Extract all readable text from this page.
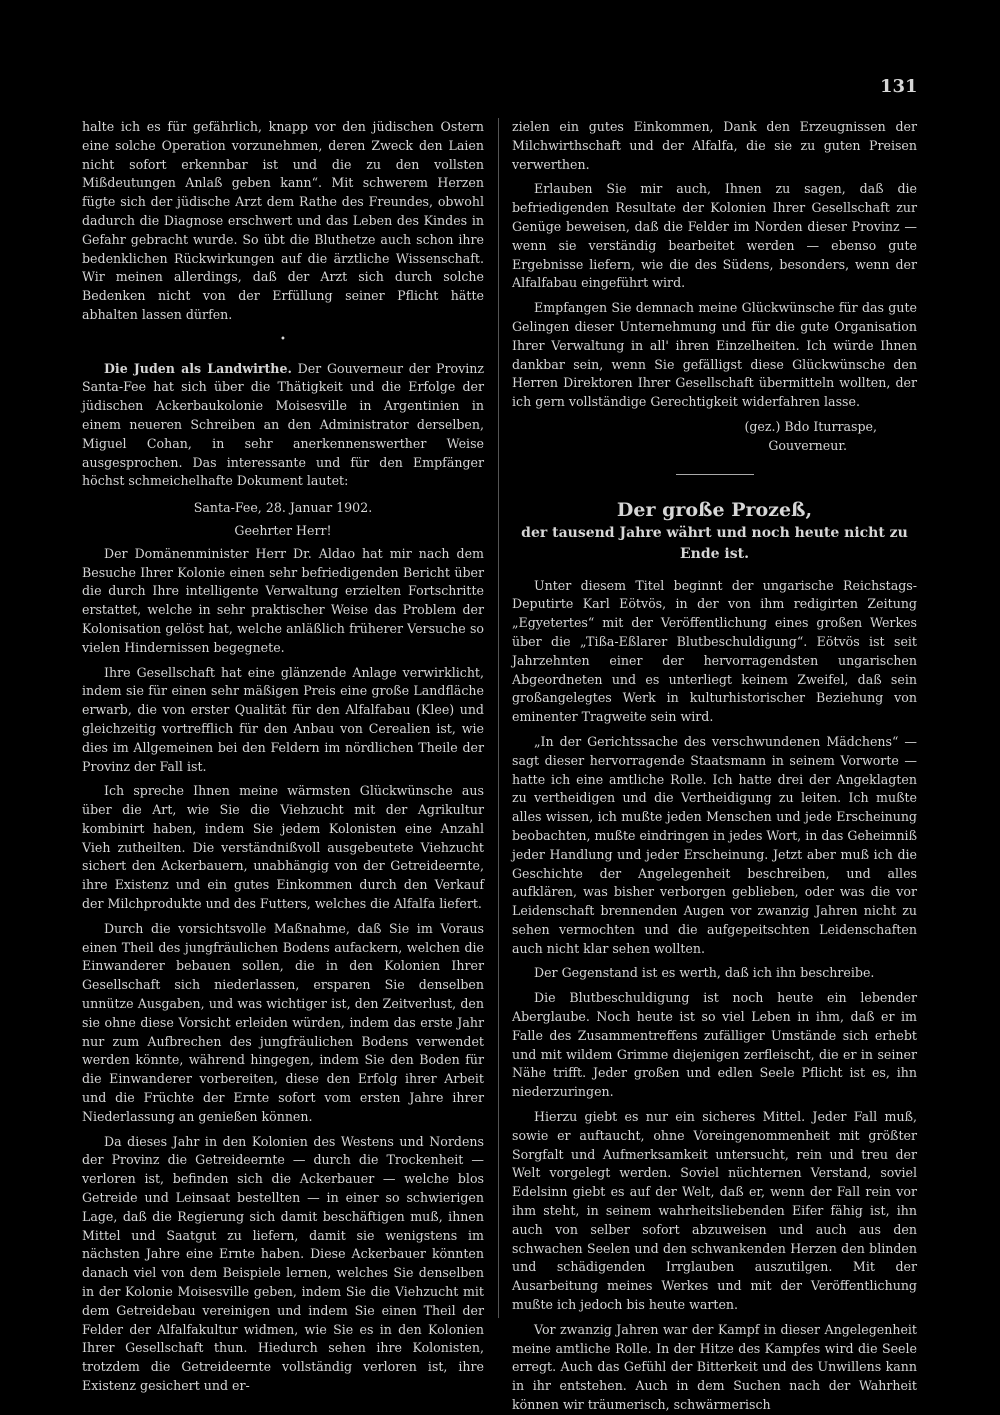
131

halte ich es für gefährlich, knapp vor den jüdischen Ostern eine solche Operation vorzunehmen, deren Zweck den Laien nicht sofort erkennbar ist und die zu den vollsten Mißdeutungen Anlaß geben kann“. Mit schwerem Herzen fügte sich der jüdische Arzt dem Rathe des Freundes, obwohl dadurch die Diagnose erschwert und das Leben des Kindes in Gefahr gebracht wurde. So übt die Bluthetze auch schon ihre bedenklichen Rückwirkungen auf die ärztliche Wissenschaft. Wir meinen allerdings, daß der Arzt sich durch solche Bedenken nicht von der Erfüllung seiner Pflicht hätte abhalten lassen dürfen.

•

Die Juden als Landwirthe. Der Gouverneur der Provinz Santa-Fee hat sich über die Thätigkeit und die Erfolge der jüdischen Ackerbaukolonie Moisesville in Argentinien in einem neueren Schreiben an den Administrator derselben, Miguel Cohan, in sehr anerkennenswerther Weise ausgesprochen. Das interessante und für den Empfänger höchst schmeichelhafte Dokument lautet:

Santa-Fee, 28. Januar 1902.

Geehrter Herr!

Der Domänenminister Herr Dr. Aldao hat mir nach dem Besuche Ihrer Kolonie einen sehr befriedigenden Bericht über die durch Ihre intelligente Verwaltung erzielten Fortschritte erstattet, welche in sehr praktischer Weise das Problem der Kolonisation gelöst hat, welche anläßlich früherer Versuche so vielen Hindernissen begegnete.

Ihre Gesellschaft hat eine glänzende Anlage verwirklicht, indem sie für einen sehr mäßigen Preis eine große Landfläche erwarb, die von erster Qualität für den Alfalfabau (Klee) und gleichzeitig vortrefflich für den Anbau von Cerealien ist, wie dies im Allgemeinen bei den Feldern im nördlichen Theile der Provinz der Fall ist.

Ich spreche Ihnen meine wärmsten Glückwünsche aus über die Art, wie Sie die Viehzucht mit der Agrikultur kombinirt haben, indem Sie jedem Kolonisten eine Anzahl Vieh zutheilten. Die verständnißvoll ausgebeutete Viehzucht sichert den Ackerbauern, unabhängig von der Getreideernte, ihre Existenz und ein gutes Einkommen durch den Verkauf der Milchprodukte und des Futters, welches die Alfalfa liefert.

Durch die vorsichtsvolle Maßnahme, daß Sie im Voraus einen Theil des jungfräulichen Bodens aufackern, welchen die Einwanderer bebauen sollen, die in den Kolonien Ihrer Gesellschaft sich niederlassen, ersparen Sie denselben unnütze Ausgaben, und was wichtiger ist, den Zeitverlust, den sie ohne diese Vorsicht erleiden würden, indem das erste Jahr nur zum Aufbrechen des jungfräulichen Bodens verwendet werden könnte, während hingegen, indem Sie den Boden für die Einwanderer vorbereiten, diese den Erfolg ihrer Arbeit und die Früchte der Ernte sofort vom ersten Jahre ihrer Niederlassung an genießen können.

Da dieses Jahr in den Kolonien des Westens und Nordens der Provinz die Getreideernte — durch die Trockenheit — verloren ist, befinden sich die Ackerbauer — welche blos Getreide und Leinsaat bestellten — in einer so schwierigen Lage, daß die Regierung sich damit beschäftigen muß, ihnen Mittel und Saatgut zu liefern, damit sie wenigstens im nächsten Jahre eine Ernte haben. Diese Ackerbauer könnten danach viel von dem Beispiele lernen, welches Sie denselben in der Kolonie Moisesville geben, indem Sie die Viehzucht mit dem Getreidebau vereinigen und indem Sie einen Theil der Felder der Alfalfakultur widmen, wie Sie es in den Kolonien Ihrer Gesellschaft thun. Hiedurch sehen ihre Kolonisten, trotzdem die Getreideernte vollständig verloren ist, ihre Existenz gesichert und er-

zielen ein gutes Einkommen, Dank den Erzeugnissen der Milchwirthschaft und der Alfalfa, die sie zu guten Preisen verwerthen.

Erlauben Sie mir auch, Ihnen zu sagen, daß die befriedigenden Resultate der Kolonien Ihrer Gesellschaft zur Genüge beweisen, daß die Felder im Norden dieser Provinz — wenn sie verständig bearbeitet werden — ebenso gute Ergebnisse liefern, wie die des Südens, besonders, wenn der Alfalfabau eingeführt wird.

Empfangen Sie demnach meine Glückwünsche für das gute Gelingen dieser Unternehmung und für die gute Organisation Ihrer Verwaltung in all' ihren Einzelheiten. Ich würde Ihnen dankbar sein, wenn Sie gefälligst diese Glückwünsche den Herren Direktoren Ihrer Gesellschaft übermitteln wollten, der ich gern vollständige Gerechtigkeit widerfahren lasse.

(gez.) Bdo Iturraspe,

Gouverneur.

Der große Prozeß,
der tausend Jahre währt und noch heute nicht zu Ende ist.

Unter diesem Titel beginnt der ungarische Reichstags-Deputirte Karl Eötvös, in der von ihm redigirten Zeitung „Egyetertes“ mit der Veröffentlichung eines großen Werkes über die „Tißa-Eßlarer Blutbeschuldigung“. Eötvös ist seit Jahrzehnten einer der hervorragendsten ungarischen Abgeordneten und es unterliegt keinem Zweifel, daß sein großangelegtes Werk in kulturhistorischer Beziehung von eminenter Tragweite sein wird.

„In der Gerichtssache des verschwundenen Mädchens“ — sagt dieser hervorragende Staatsmann in seinem Vorworte — hatte ich eine amtliche Rolle. Ich hatte drei der Angeklagten zu vertheidigen und die Vertheidigung zu leiten. Ich mußte alles wissen, ich mußte jeden Menschen und jede Erscheinung beobachten, mußte eindringen in jedes Wort, in das Geheimniß jeder Handlung und jeder Erscheinung. Jetzt aber muß ich die Geschichte der Angelegenheit beschreiben, und alles aufklären, was bisher verborgen geblieben, oder was die vor Leidenschaft brennenden Augen vor zwanzig Jahren nicht zu sehen vermochten und die aufgepeitschten Leidenschaften auch nicht klar sehen wollten.

Der Gegenstand ist es werth, daß ich ihn beschreibe.

Die Blutbeschuldigung ist noch heute ein lebender Aberglaube. Noch heute ist so viel Leben in ihm, daß er im Falle des Zusammentreffens zufälliger Umstände sich erhebt und mit wildem Grimme diejenigen zerfleischt, die er in seiner Nähe trifft. Jeder großen und edlen Seele Pflicht ist es, ihn niederzuringen.

Hierzu giebt es nur ein sicheres Mittel. Jeder Fall muß, sowie er auftaucht, ohne Voreingenommenheit mit größter Sorgfalt und Aufmerksamkeit untersucht, rein und treu der Welt vorgelegt werden. Soviel nüchternen Verstand, soviel Edelsinn giebt es auf der Welt, daß er, wenn der Fall rein vor ihm steht, in seinem wahrheitsliebenden Eifer fähig ist, ihn auch von selber sofort abzuweisen und auch aus den schwachen Seelen und den schwankenden Herzen den blinden und schädigenden Irrglauben auszutilgen. Mit der Ausarbeitung meines Werkes und mit der Veröffentlichung mußte ich jedoch bis heute warten.

Vor zwanzig Jahren war der Kampf in dieser Angelegenheit meine amtliche Rolle. In der Hitze des Kampfes wird die Seele erregt. Auch das Gefühl der Bitterkeit und des Unwillens kann in ihr entstehen. Auch in dem Suchen nach der Wahrheit können wir träumerisch, schwärmerisch
